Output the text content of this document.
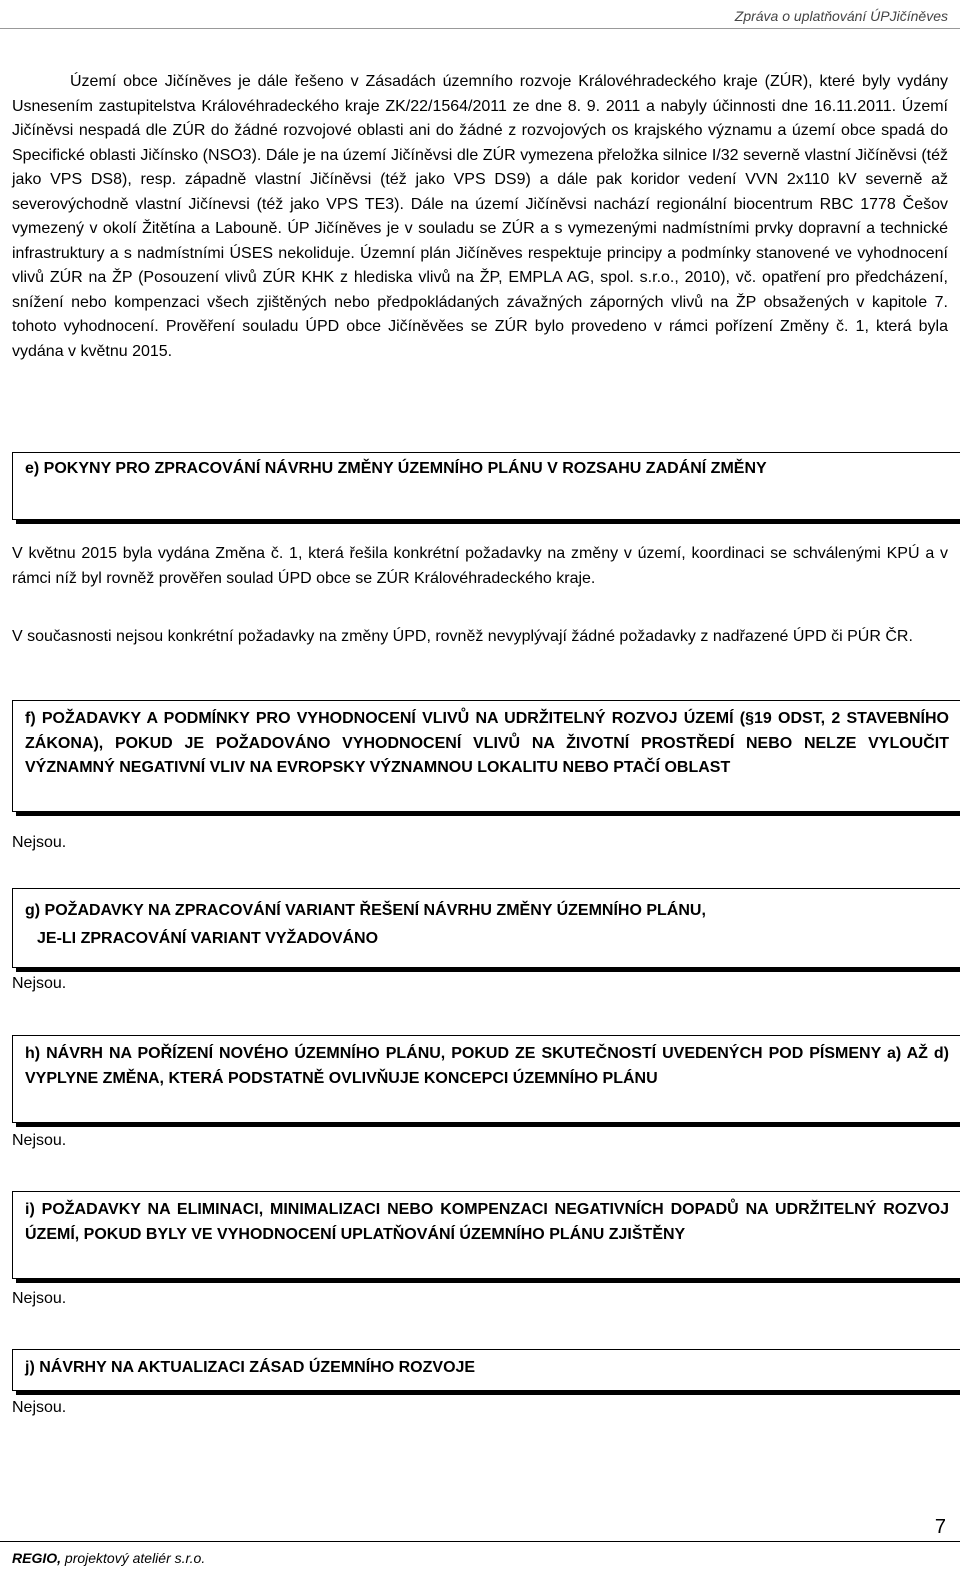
Zpráva o uplatňování ÚPJičíněves

Území obce Jičíněves je dále řešeno v Zásadách územního rozvoje Královéhradeckého kraje (ZÚR), které byly vydány Usnesením zastupitelstva Královéhradeckého kraje ZK/22/1564/2011 ze dne 8. 9. 2011 a nabyly účinnosti dne 16.11.2011. Území Jičíněvsi nespadá dle ZÚR do žádné rozvojové oblasti ani do žádné z rozvojových os krajského významu a území obce spadá do Specifické oblasti Jičínsko (NSO3). Dále je na území Jičíněvsi dle ZÚR vymezena přeložka silnice I/32 severně vlastní Jičíněvsi (též jako VPS DS8), resp. západně vlastní Jičíněvsi (též jako VPS DS9) a dále pak koridor vedení VVN 2x110 kV severně až severovýchodně vlastní Jičínevsi (též jako VPS TE3). Dále na území Jičíněvsi nachází regionální biocentrum RBC 1778 Češov vymezený v okolí Žitětína a Labouně. ÚP Jičíněves je v souladu se ZÚR a s vymezenými nadmístními prvky dopravní a technické infrastruktury a s nadmístními ÚSES nekoliduje. Územní plán Jičíněves respektuje principy a podmínky stanovené ve vyhodnocení vlivů ZÚR na ŽP (Posouzení vlivů ZÚR KHK z hlediska vlivů na ŽP, EMPLA AG, spol. s.r.o., 2010), vč. opatření pro předcházení, snížení nebo kompenzaci všech zjištěných nebo předpokládaných závažných záporných vlivů na ŽP obsažených v kapitole 7. tohoto vyhodnocení. Prověření souladu ÚPD obce Jičíněvěes se ZÚR bylo provedeno v rámci pořízení Změny č. 1, která byla vydána v květnu 2015.

e) POKYNY PRO ZPRACOVÁNÍ NÁVRHU ZMĚNY ÚZEMNÍHO PLÁNU V ROZSAHU ZADÁNÍ ZMĚNY

V květnu 2015 byla vydána Změna č. 1, která řešila konkrétní požadavky na změny v území, koordinaci se schválenými KPÚ a v rámci níž byl rovněž prověřen soulad ÚPD obce se ZÚR Královéhradeckého kraje.

V současnosti nejsou konkrétní požadavky na změny ÚPD, rovněž nevyplývají žádné požadavky z nadřazené ÚPD či PÚR ČR.

f) POŽADAVKY A PODMÍNKY PRO VYHODNOCENÍ VLIVŮ NA UDRŽITELNÝ ROZVOJ ÚZEMÍ (§19 ODST, 2 STAVEBNÍHO ZÁKONA), POKUD JE POŽADOVÁNO VYHODNOCENÍ VLIVŮ NA ŽIVOTNÍ PROSTŘEDÍ NEBO NELZE VYLOUČIT VÝZNAMNÝ NEGATIVNÍ VLIV NA EVROPSKY VÝZNAMNOU LOKALITU NEBO PTAČÍ OBLAST
Nejsou.
g) POŽADAVKY NA ZPRACOVÁNÍ VARIANT ŘEŠENÍ NÁVRHU ZMĚNY ÚZEMNÍHO PLÁNU,
JE-LI ZPRACOVÁNÍ VARIANT VYŽADOVÁNO
Nejsou.
h) NÁVRH NA POŘÍZENÍ NOVÉHO ÚZEMNÍHO PLÁNU, POKUD ZE SKUTEČNOSTÍ UVEDENÝCH POD PÍSMENY a) AŽ d) VYPLYNE ZMĚNA, KTERÁ PODSTATNĚ OVLIVŇUJE KONCEPCI ÚZEMNÍHO PLÁNU
Nejsou.
i) POŽADAVKY NA ELIMINACI, MINIMALIZACI NEBO KOMPENZACI NEGATIVNÍCH DOPADŮ NA UDRŽITELNÝ ROZVOJ ÚZEMÍ, POKUD BYLY VE VYHODNOCENÍ UPLATŇOVÁNÍ ÚZEMNÍHO PLÁNU ZJIŠTĚNY
Nejsou.
j) NÁVRHY NA AKTUALIZACI ZÁSAD ÚZEMNÍHO ROZVOJE
Nejsou.
7
REGIO, projektový ateliér s.r.o.
